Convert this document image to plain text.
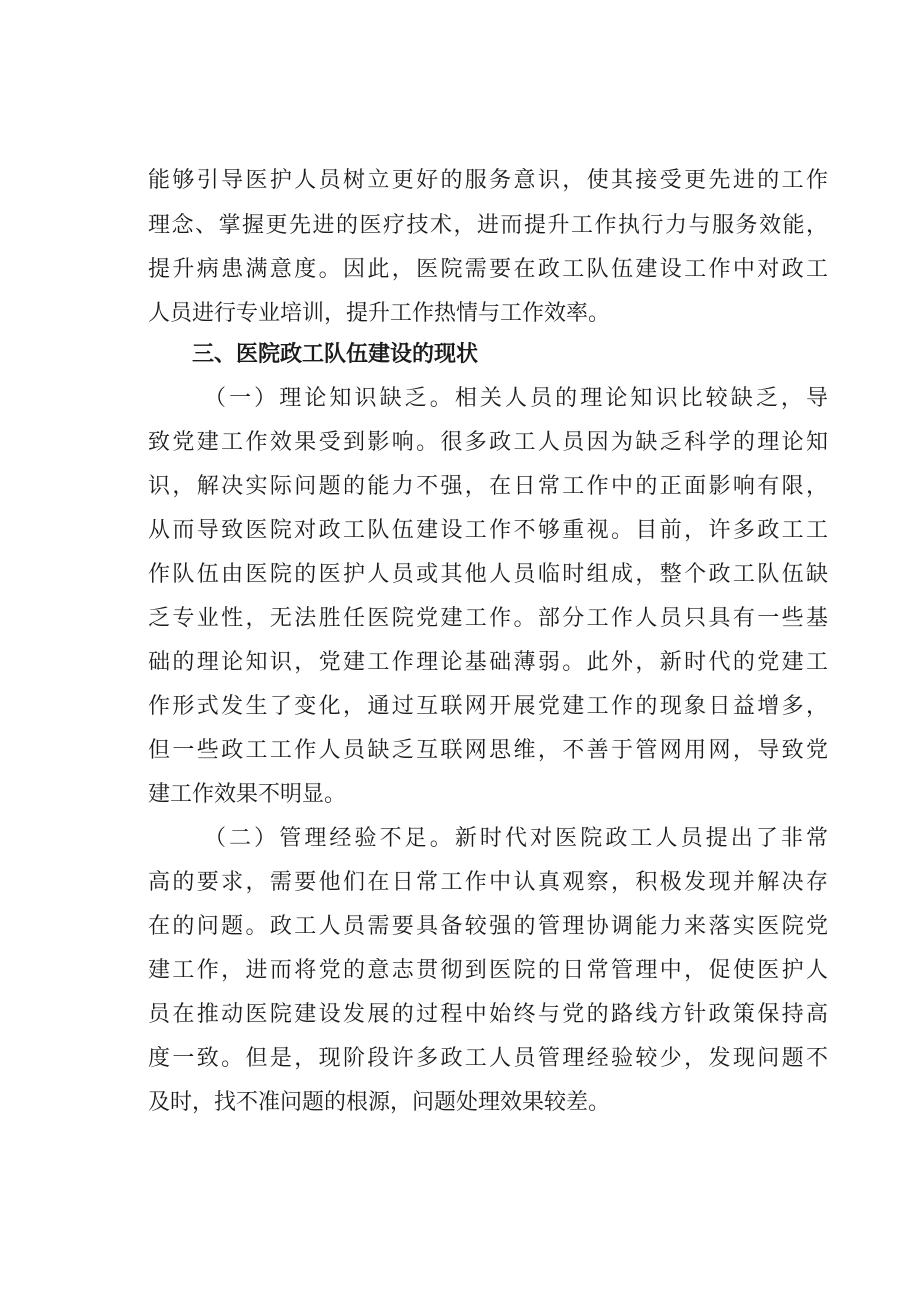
能够引导医护人员树立更好的服务意识，使其接受更先进的工作
理念、掌握更先进的医疗技术，进而提升工作执行力与服务效能，
提升病患满意度。因此，医院需要在政工队伍建设工作中对政工
人员进行专业培训，提升工作热情与工作效率。
三、医院政工队伍建设的现状
（一）理论知识缺乏。相关人员的理论知识比较缺乏，导
致党建工作效果受到影响。很多政工人员因为缺乏科学的理论知
识，解决实际问题的能力不强，在日常工作中的正面影响有限，
从而导致医院对政工队伍建设工作不够重视。目前，许多政工工
作队伍由医院的医护人员或其他人员临时组成，整个政工队伍缺
乏专业性，无法胜任医院党建工作。部分工作人员只具有一些基
础的理论知识，党建工作理论基础薄弱。此外，新时代的党建工
作形式发生了变化，通过互联网开展党建工作的现象日益增多，
但一些政工工作人员缺乏互联网思维，不善于管网用网，导致党
建工作效果不明显。
（二）管理经验不足。新时代对医院政工人员提出了非常
高的要求，需要他们在日常工作中认真观察，积极发现并解决存
在的问题。政工人员需要具备较强的管理协调能力来落实医院党
建工作，进而将党的意志贯彻到医院的日常管理中，促使医护人
员在推动医院建设发展的过程中始终与党的路线方针政策保持高
度一致。但是，现阶段许多政工人员管理经验较少，发现问题不
及时，找不准问题的根源，问题处理效果较差。
